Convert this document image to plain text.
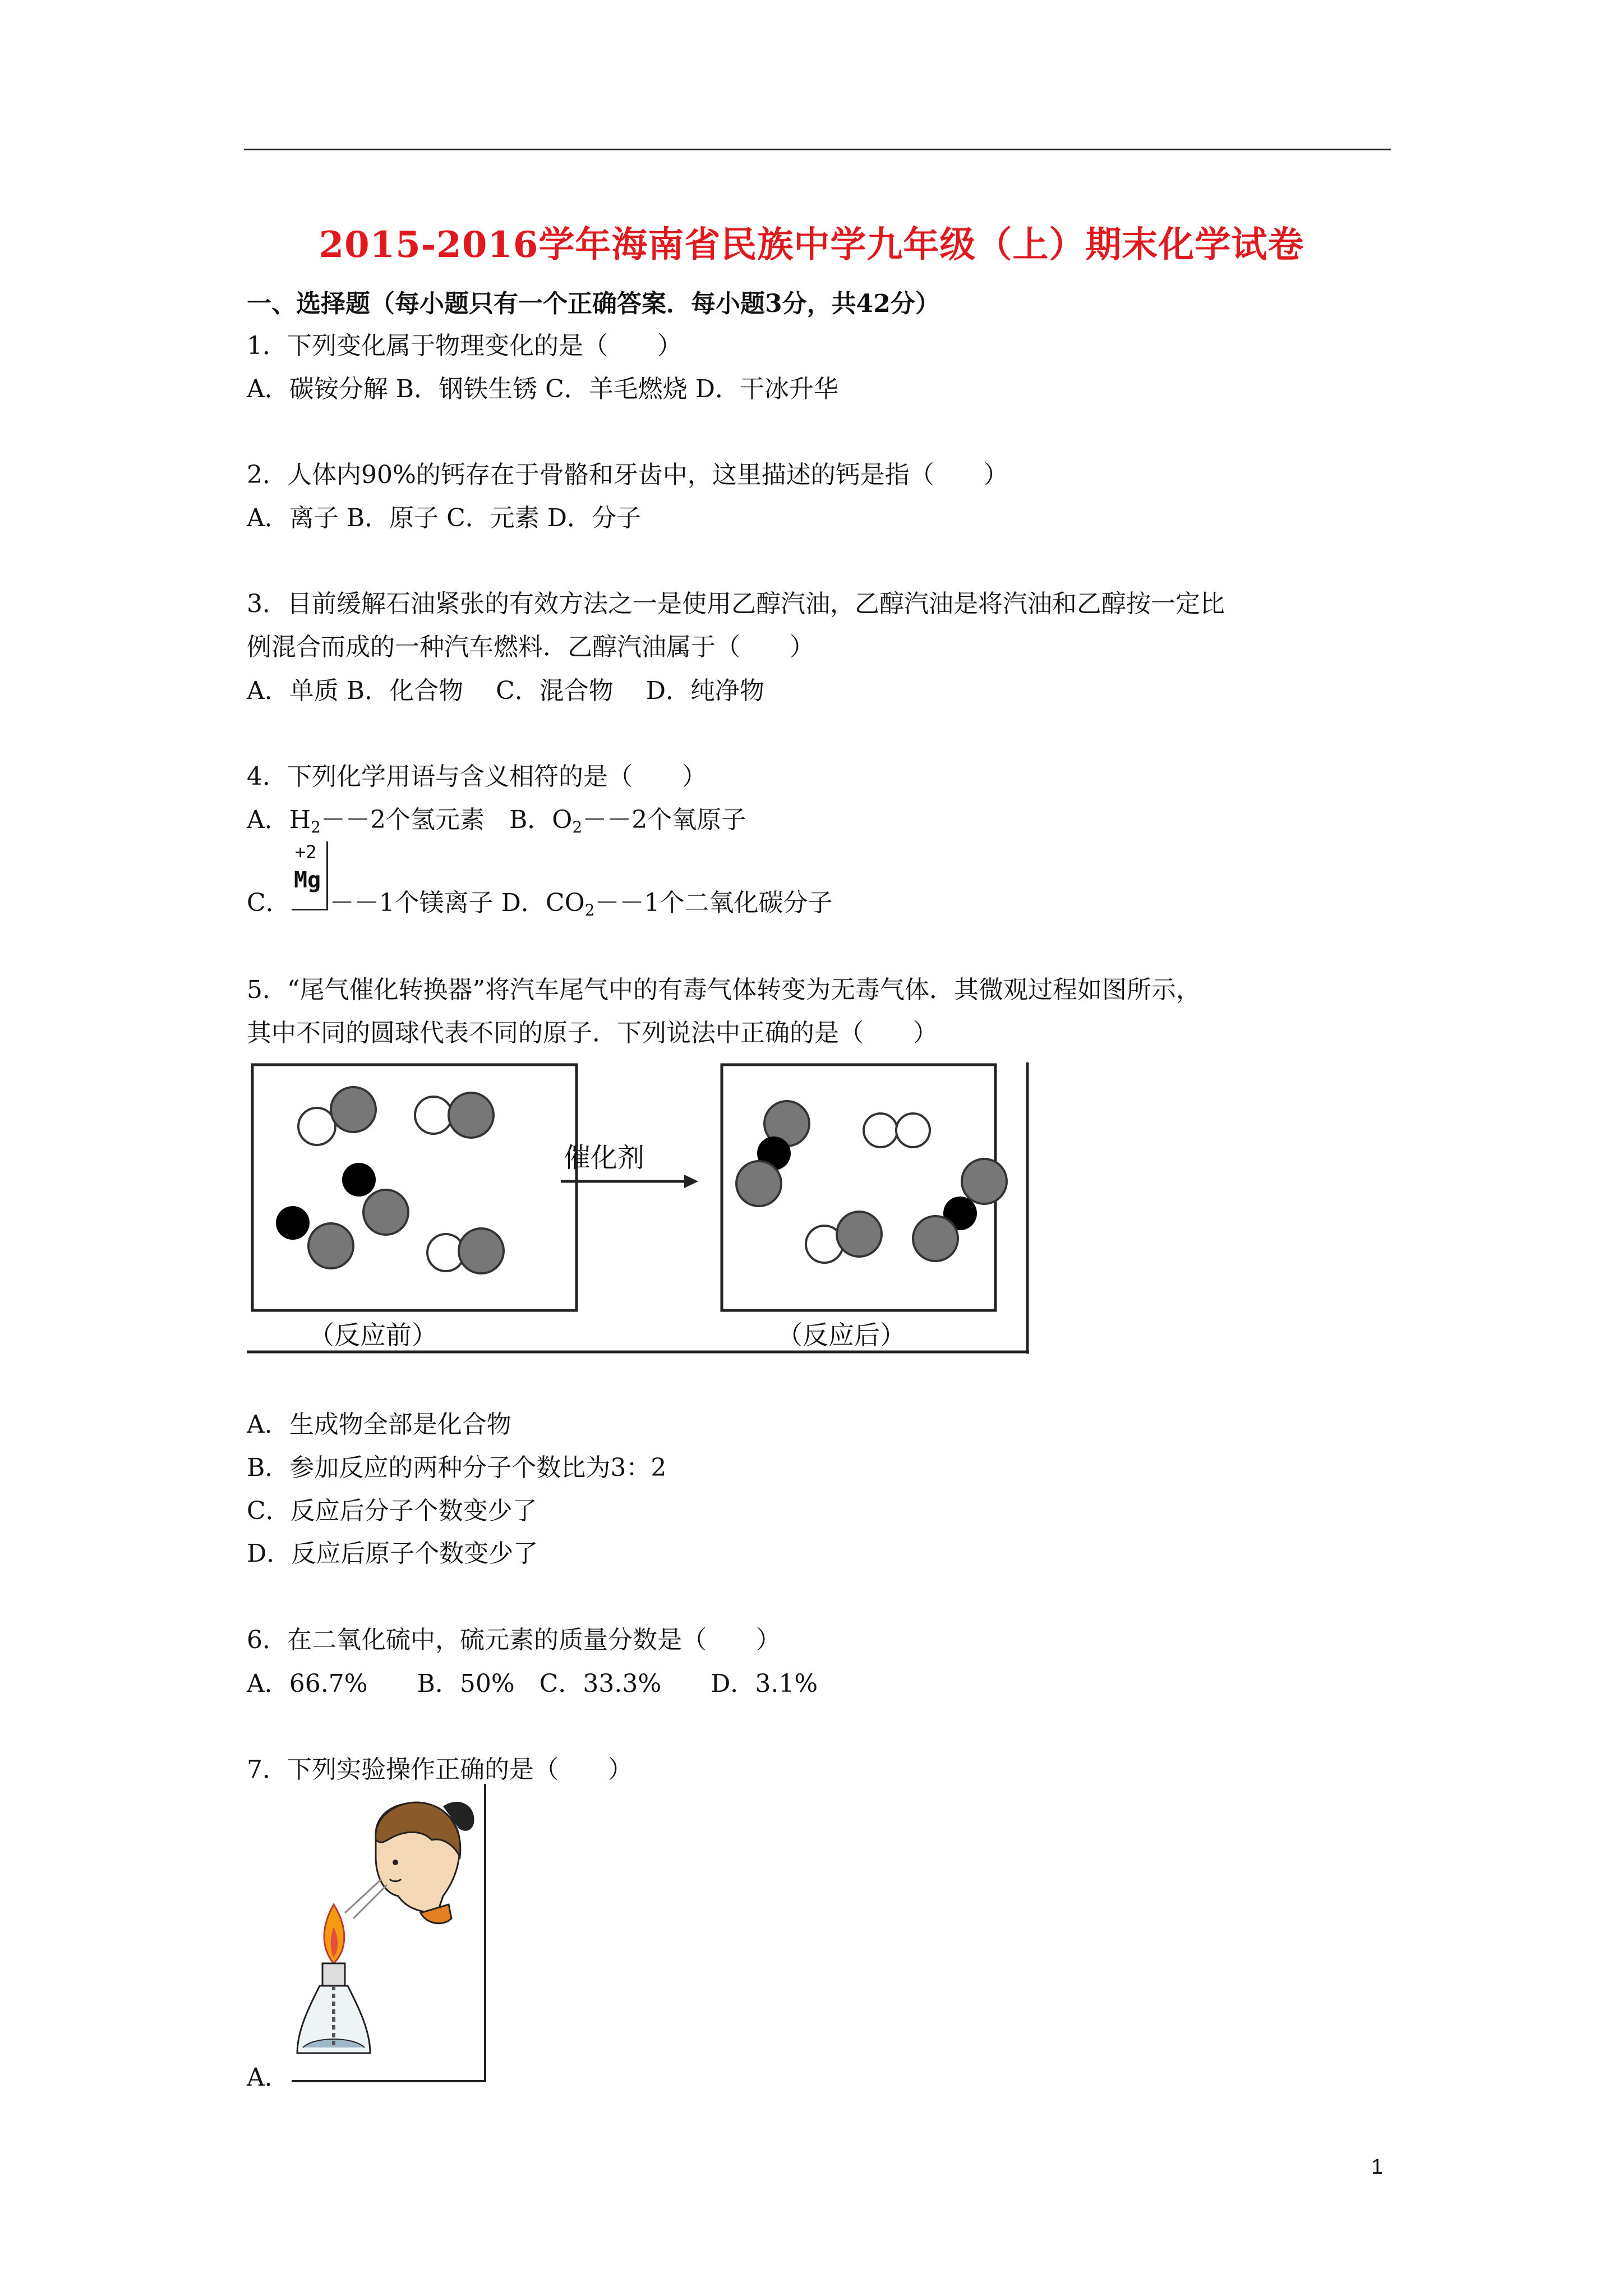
2015-2016学年海南省民族中学九年级（上）期末化学试卷
一、选择题（每小题只有一个正确答案．每小题3分，共42分）
1．下列变化属于物理变化的是（　　）
A．碳铵分解 B．钢铁生锈 C．羊毛燃烧 D．干冰升华
2．人体内90%的钙存在于骨骼和牙齿中，这里描述的钙是指（　　）
A．离子 B．原子 C．元素 D．分子
3．目前缓解石油紧张的有效方法之一是使用乙醇汽油，乙醇汽油是将汽油和乙醇按一定比
例混合而成的一种汽车燃料．乙醇汽油属于（　　）
A．单质 B．化合物　 C．混合物　 D．纯净物
4．下列化学用语与含义相符的是（　　）
A．$H_2--2$个氢元素　B．$O_2--2$个氧原子
C． －－1个镁离子 D．$CO_2--1$个二氧化碳分子
+2
Mg
5．“尾气催化转换器”将汽车尾气中的有毒气体转变为无毒气体．其微观过程如图所示，
其中不同的圆球代表不同的原子．下列说法中正确的是（　　）
催化剂
（反应前）	（反应后）
A．生成物全部是化合物
B．参加反应的两种分子个数比为3：2
C．反应后分子个数变少了
D．反应后原子个数变少了
6．在二氧化硫中，硫元素的质量分数是（　　）
A．66.7%　　B．50%　C．33.3%　　D．3.1%
7．下列实验操作正确的是（　　）
A．
1
